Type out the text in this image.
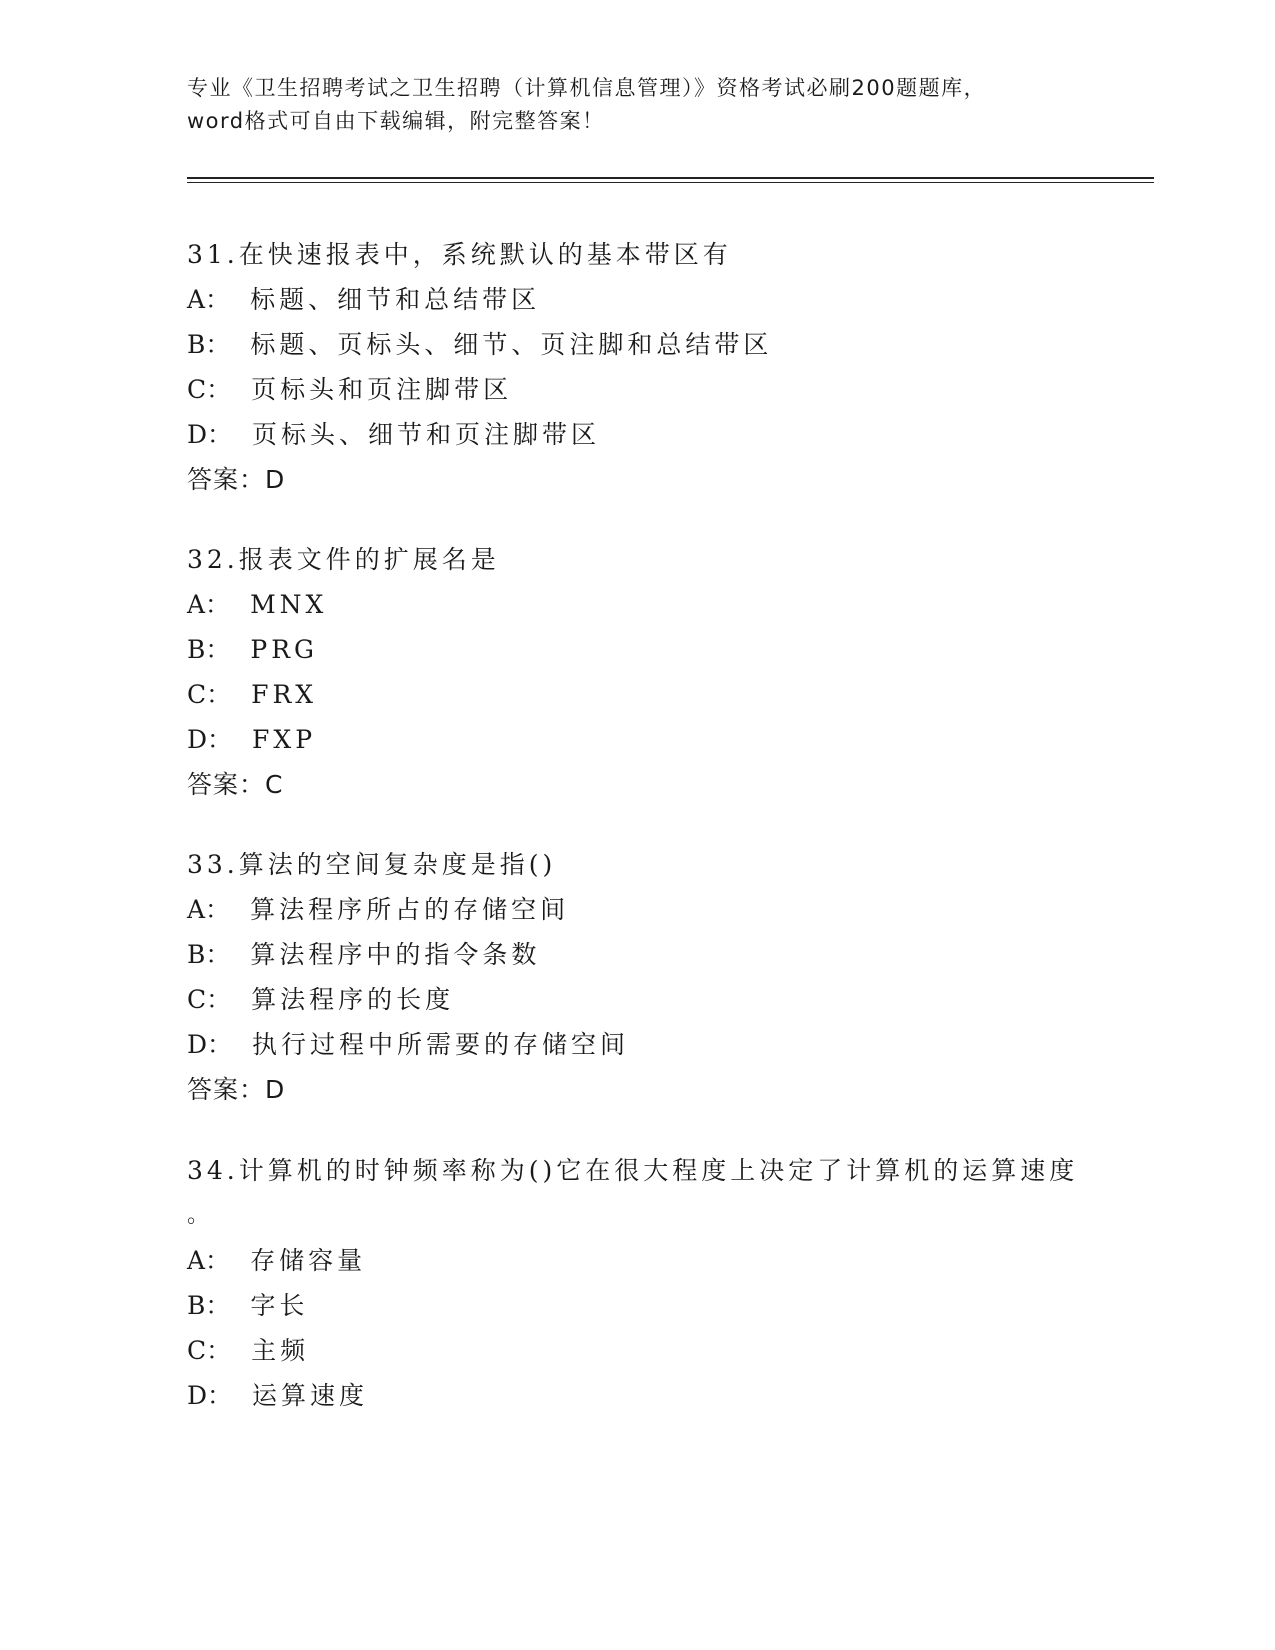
专业《卫生招聘考试之卫生招聘（计算机信息管理）》资格考试必刷200题题库，
word格式可自由下载编辑，附完整答案！
31.在快速报表中，系统默认的基本带区有
A： 标题、细节和总结带区
B： 标题、页标头、细节、页注脚和总结带区
C： 页标头和页注脚带区
D： 页标头、细节和页注脚带区
答案：D
32.报表文件的扩展名是
A： MNX
B： PRG
C： FRX
D： FXP
答案：C
33.算法的空间复杂度是指()
A： 算法程序所占的存储空间
B： 算法程序中的指令条数
C： 算法程序的长度
D： 执行过程中所需要的存储空间
答案：D
34.计算机的时钟频率称为()它在很大程度上决定了计算机的运算速度
。
A： 存储容量
B： 字长
C： 主频
D： 运算速度
